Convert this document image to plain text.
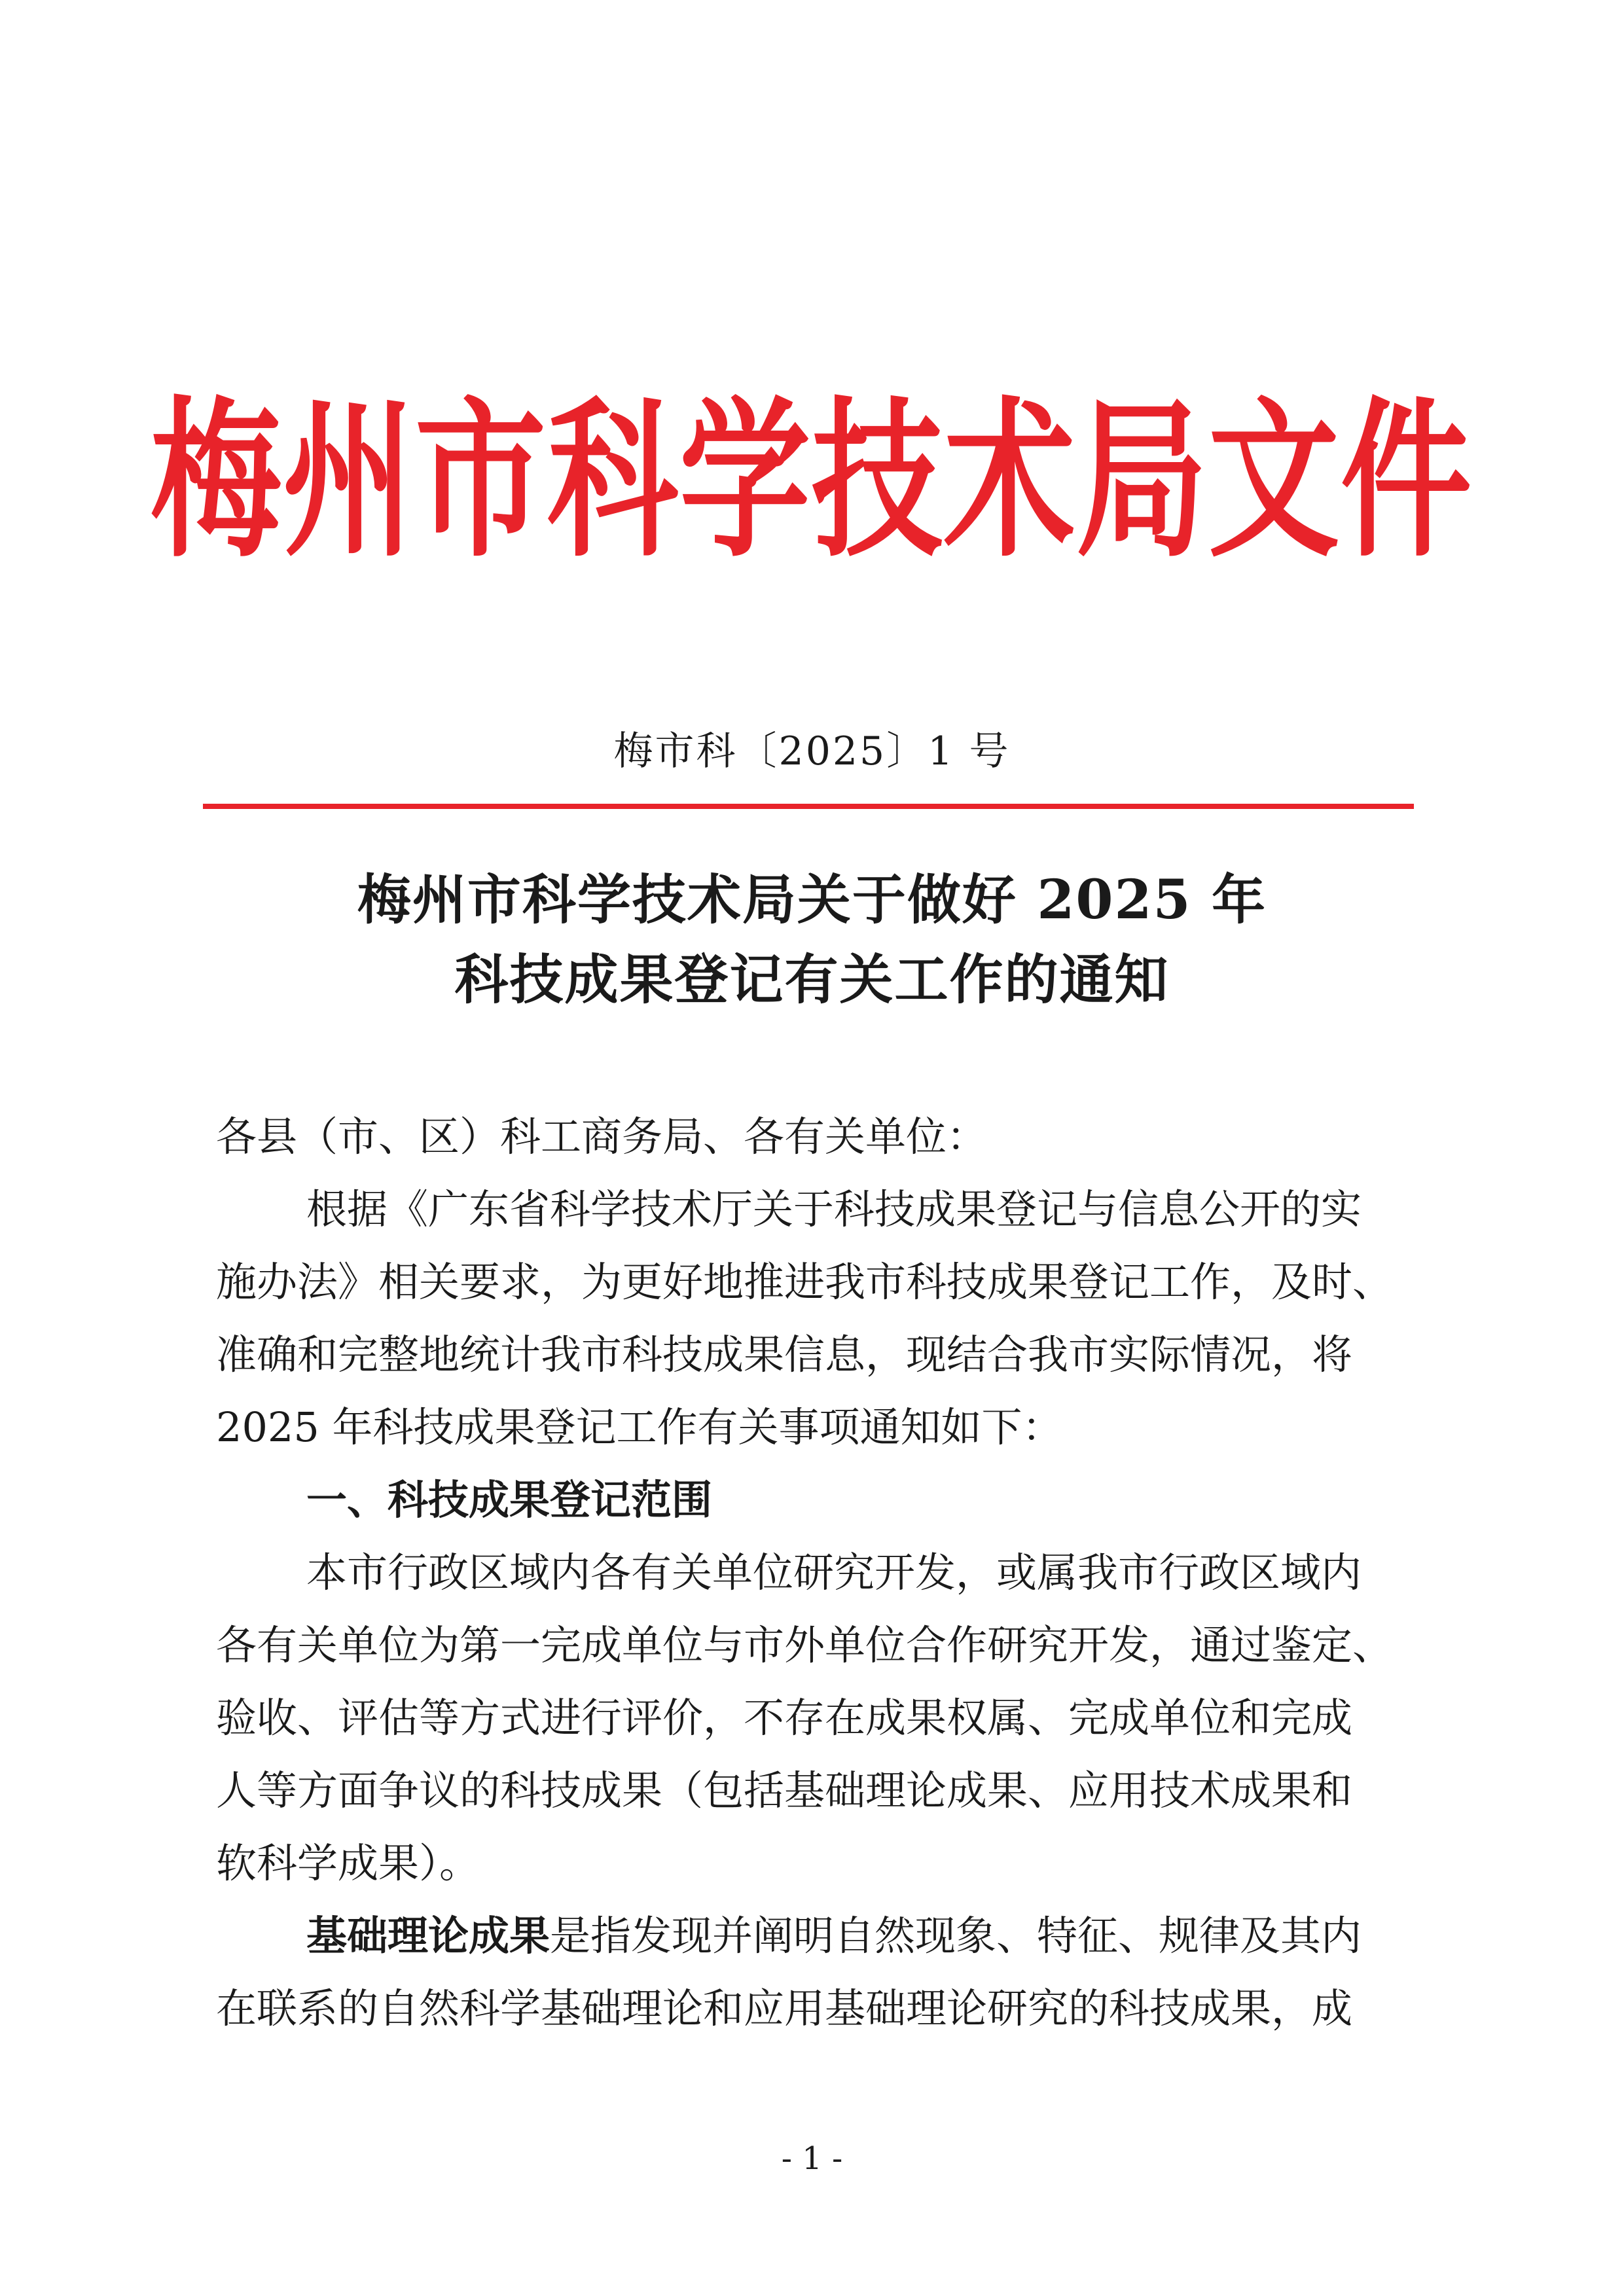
梅州市科学技术局文件
梅市科〔2025〕1 号
梅州市科学技术局关于做好 2025 年
科技成果登记有关工作的通知
各县（市、区）科工商务局、各有关单位：
根据《广东省科学技术厅关于科技成果登记与信息公开的实
施办法》相关要求，为更好地推进我市科技成果登记工作，及时、
准确和完整地统计我市科技成果信息，现结合我市实际情况，将
2025 年科技成果登记工作有关事项通知如下：
一、科技成果登记范围
本市行政区域内各有关单位研究开发，或属我市行政区域内
各有关单位为第一完成单位与市外单位合作研究开发，通过鉴定、
验收、评估等方式进行评价，不存在成果权属、完成单位和完成
人等方面争议的科技成果（包括基础理论成果、应用技术成果和
软科学成果）。
基础理论成果是指发现并阐明自然现象、特征、规律及其内
在联系的自然科学基础理论和应用基础理论研究的科技成果，成
- 1 -
